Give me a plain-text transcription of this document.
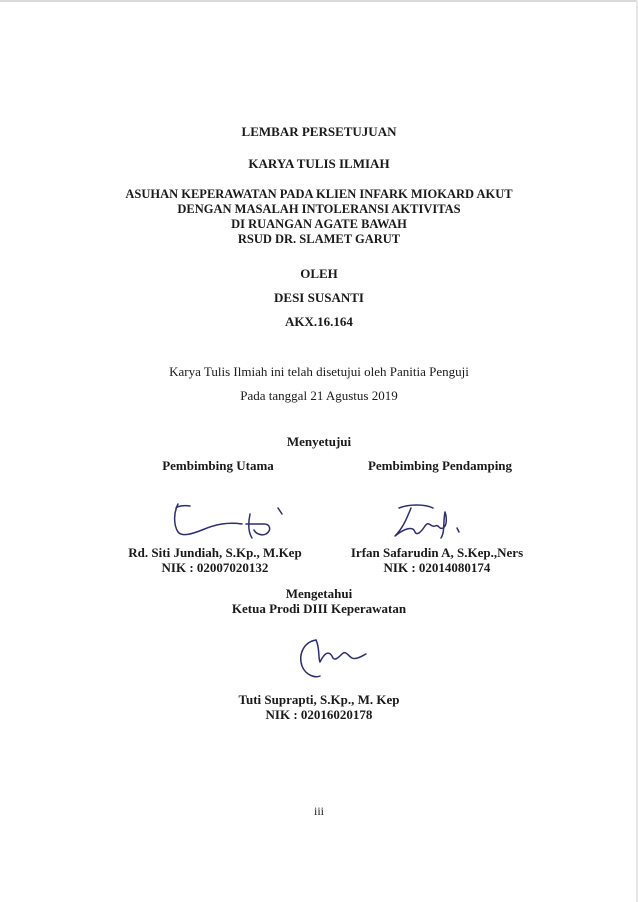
LEMBAR PERSETUJUAN
KARYA TULIS ILMIAH
ASUHAN KEPERAWATAN PADA KLIEN INFARK MIOKARD AKUT
DENGAN MASALAH INTOLERANSI AKTIVITAS
DI RUANGAN AGATE BAWAH
RSUD DR. SLAMET GARUT
OLEH
DESI SUSANTI
AKX.16.164
Karya Tulis Ilmiah ini telah disetujui oleh Panitia Penguji
Pada tanggal 21 Agustus 2019
Menyetujui
Pembimbing Utama	Pembimbing Pendamping
Rd. Siti Jundiah, S.Kp., M.Kep	Irfan Safarudin A, S.Kep.,Ners
NIK : 02007020132	NIK : 02014080174
Mengetahui
Ketua Prodi DIII Keperawatan
Tuti Suprapti, S.Kp., M. Kep
NIK : 02016020178
iii
